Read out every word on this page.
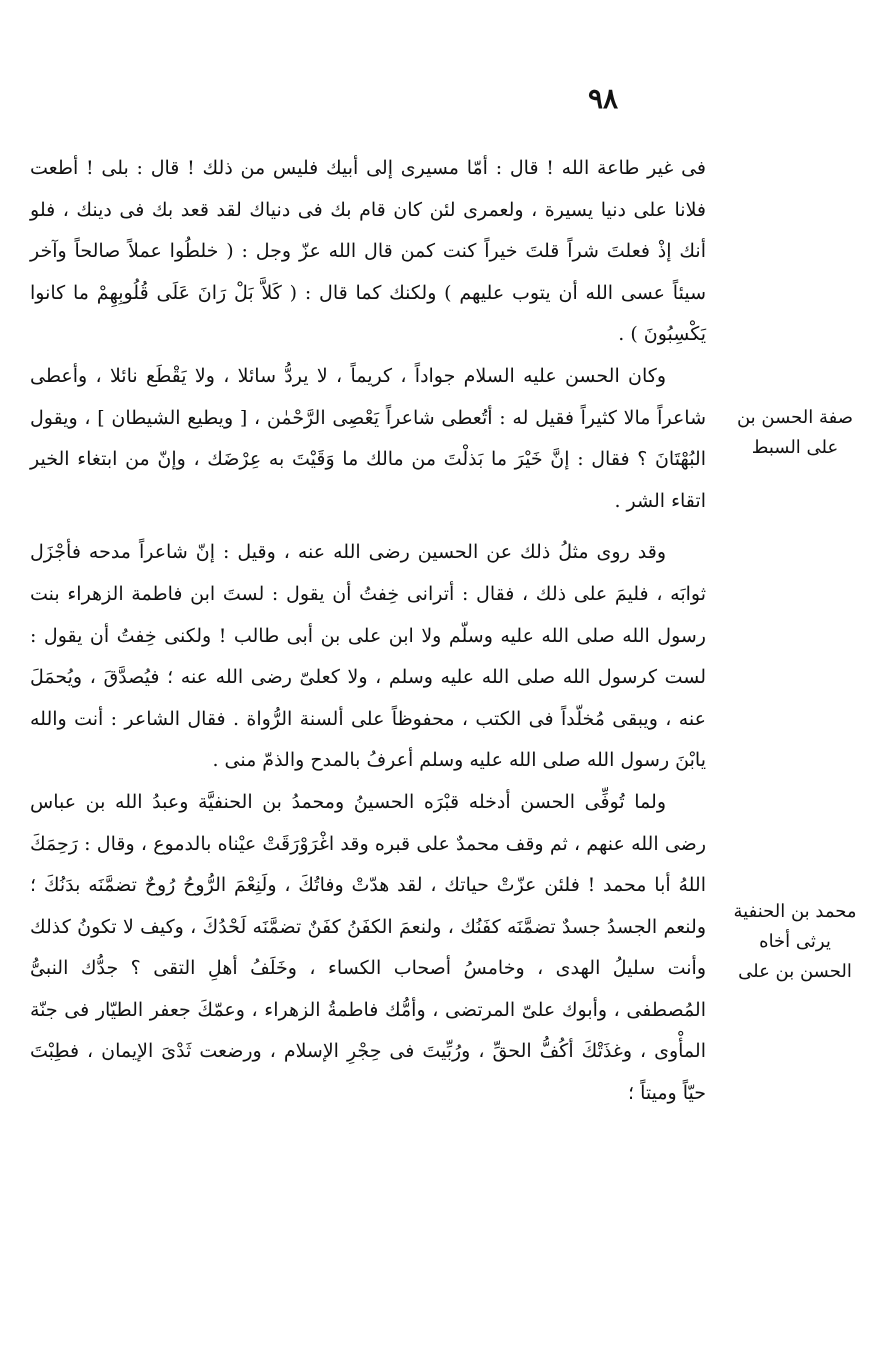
٩٨
صفة الحسن بن
على السبط
محمد بن الحنفية
يرثى أخاه
الحسن بن على

فى غير طاعة الله ! قال : أمّا مسيرى إلى أبيك فليس من ذلك ! قال : بلى ! أطعت فلانا على دنيا يسيرة ، ولعمرى لئن كان قام بك فى دنياك لقد قعد بك فى دينك ، فلو أنك إذْ فعلتَ شراً قلتَ خيراً كنت كمن قال الله عزّ وجل : ( خلطُوا عملاً صالحاً وآخر سيئاً عسى الله أن يتوب عليهم ) ولكنك كما قال : ( كَلاَّ بَلْ رَانَ عَلَى قُلُوبِهِمْ ما كانوا يَكْسِبُونَ ) .

وكان الحسن عليه السلام جواداً ، كريماً ، لا يردُّ سائلا ، ولا يَقْطَع نائلا ، وأعطى شاعراً مالا كثيراً فقيل له : أتُعطى شاعراً يَعْصِى الرَّحْمٰن ، [ ويطيع الشيطان ] ، ويقول البُهْتَانَ ؟ فقال : إنَّ خَيْرَ ما بَذلْتَ من مالك ما وَقَيْتَ به عِرْضَك ، وإنّ من ابتغاء الخير اتقاء الشر .

وقد روى مثلُ ذلك عن الحسين رضى الله عنه ، وقيل : إنّ شاعراً مدحه فأجْزَل ثوابَه ، فليمَ على ذلك ، فقال : أترانى خِفتُ أن يقول : لستَ ابن فاطمة الزهراء بنت رسول الله صلى الله عليه وسلّم ولا ابن على بن أبى طالب ! ولكنى خِفتُ أن يقول : لست كرسول الله صلى الله عليه وسلم ، ولا كعلىّ رضى الله عنه ؛ فيُصدَّقَ ، ويُحمَلَ عنه ، ويبقى مُخلّداً فى الكتب ، محفوظاً على ألسنة الرُّواة . فقال الشاعر : أنت والله يابْنَ رسول الله صلى الله عليه وسلم أعرفُ بالمدح والذمّ منى .

ولما تُوفِّى الحسن أدخله قبْرَه الحسينُ ومحمدُ بن الحنفيَّة وعبدُ الله بن عباس رضى الله عنهم ، ثم وقف محمدٌ على قبره وقد اغْرَوْرَقَتْ عيْناه بالدموع ، وقال : رَحِمَكَ اللهُ أبا محمد ! فلئن عزّتْ حياتك ، لقد هدّتْ وفاتُكَ ، ولَنِعْمَ الرُّوحُ رُوحٌ تضمَّنَه بدَنُكَ ؛ ولنعم الجسدُ جسدٌ تضمَّنَه كفَنُك ، ولنعمَ الكفَنُ كفَنٌ تضمَّنَه لَحْدُكَ ، وكيف لا تكونُ كذلك وأنت سليلُ الهدى ، وخامسُ أصحاب الكساء ، وخَلَفُ أهلِ التقى ؟ جدُّك النبىُّ المُصطفى ، وأبوك علىّ المرتضى ، وأمُّك فاطمةُ الزهراء ، وعمّكَ جعفر الطيّار فى جنّة المأْوى ، وغذَتْكَ أكُفُّ الحقِّ ، ورُبِّيتَ فى حِجْرِ الإسلام ، ورضعت ثَدْىَ الإيمان ، فطِبْتَ حيّاً وميتاً ؛
